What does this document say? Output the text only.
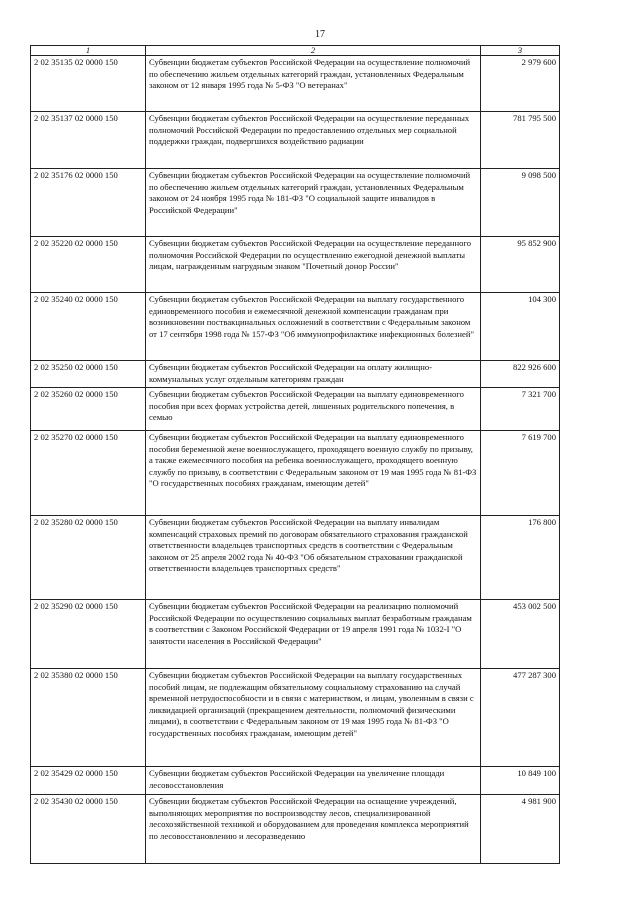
17
1	2	3
2 02 35135 02 0000 150	Субвенции бюджетам субъектов Российской Федерации на осуществление полномочий по обеспечению жильем отдельных категорий граждан, установленных Федеральным законом от 12 января 1995 года № 5-ФЗ "О ветеранах"	2 979 600
2 02 35137 02 0000 150	Субвенции бюджетам субъектов Российской Федерации на осуществление переданных полномочий Российской Федерации по предоставлению отдельных мер социальной поддержки граждан, подвергшихся воздействию радиации	781 795 500
2 02 35176 02 0000 150	Субвенции бюджетам субъектов Российской Федерации на осуществление полномочий по обеспечению жильем отдельных категорий граждан, установленных Федеральным законом от 24 ноября 1995 года № 181-ФЗ "О социальной защите инвалидов в Российской Федерации"	9 098 500
2 02 35220 02 0000 150	Субвенции бюджетам субъектов Российской Федерации на осуществление переданного полномочия Российской Федерации по осуществлению ежегодной денежной выплаты лицам, награжденным нагрудным знаком "Почетный донор России"	95 852 900
2 02 35240 02 0000 150	Субвенции бюджетам субъектов Российской Федерации на выплату государственного единовременного пособия и ежемесячной денежной компенсации гражданам при возникновении поствакцинальных осложнений в соответствии с Федеральным законом от 17 сентября 1998 года № 157-ФЗ "Об иммунопрофилактике инфекционных болезней"	104 300
2 02 35250 02 0000 150	Субвенции бюджетам субъектов Российской Федерации на оплату жилищно-коммунальных услуг отдельным категориям граждан	822 926 600
2 02 35260 02 0000 150	Субвенции бюджетам субъектов Российской Федерации на выплату единовременного пособия при всех формах устройства детей, лишенных родительского попечения, в семью	7 321 700
2 02 35270 02 0000 150	Субвенции бюджетам субъектов Российской Федерации на выплату единовременного пособия беременной жене военнослужащего, проходящего военную службу по призыву, а также ежемесячного пособия на ребенка военнослужащего, проходящего военную службу по призыву, в соответствии с Федеральным законом от 19 мая 1995 года № 81-ФЗ "О государственных пособиях гражданам, имеющим детей"	7 619 700
2 02 35280 02 0000 150	Субвенции бюджетам субъектов Российской Федерации на выплату инвалидам компенсаций страховых премий по договорам обязательного страхования гражданской ответственности владельцев транспортных средств в соответствии с Федеральным законом от 25 апреля 2002 года № 40-ФЗ "Об обязательном страховании гражданской ответственности владельцев транспортных средств"	176 800
2 02 35290 02 0000 150	Субвенции бюджетам субъектов Российской Федерации на реализацию полномочий Российской Федерации по осуществлению социальных выплат безработным гражданам в соответствии с Законом Российской Федерации от 19 апреля 1991 года № 1032-I "О занятости населения в Российской Федерации"	453 002 500
2 02 35380 02 0000 150	Субвенции бюджетам субъектов Российской Федерации на выплату государственных пособий лицам, не подлежащим обязательному социальному страхованию на случай временной нетрудоспособности и в связи с материнством, и лицам, уволенным в связи с ликвидацией организаций (прекращением деятельности, полномочий физическими лицами), в соответствии с Федеральным законом от 19 мая 1995 года № 81-ФЗ "О государственных пособиях гражданам, имеющим детей"	477 287 300
2 02 35429 02 0000 150	Субвенции бюджетам субъектов Российской Федерации на увеличение площади лесовосстановления	10 849 100
2 02 35430 02 0000 150	Субвенции бюджетам субъектов Российской Федерации на оснащение учреждений, выполняющих мероприятия по воспроизводству лесов, специализированной лесохозяйственной техникой и оборудованием для проведения комплекса мероприятий по лесовосстановлению и лесоразведению	4 981 900
